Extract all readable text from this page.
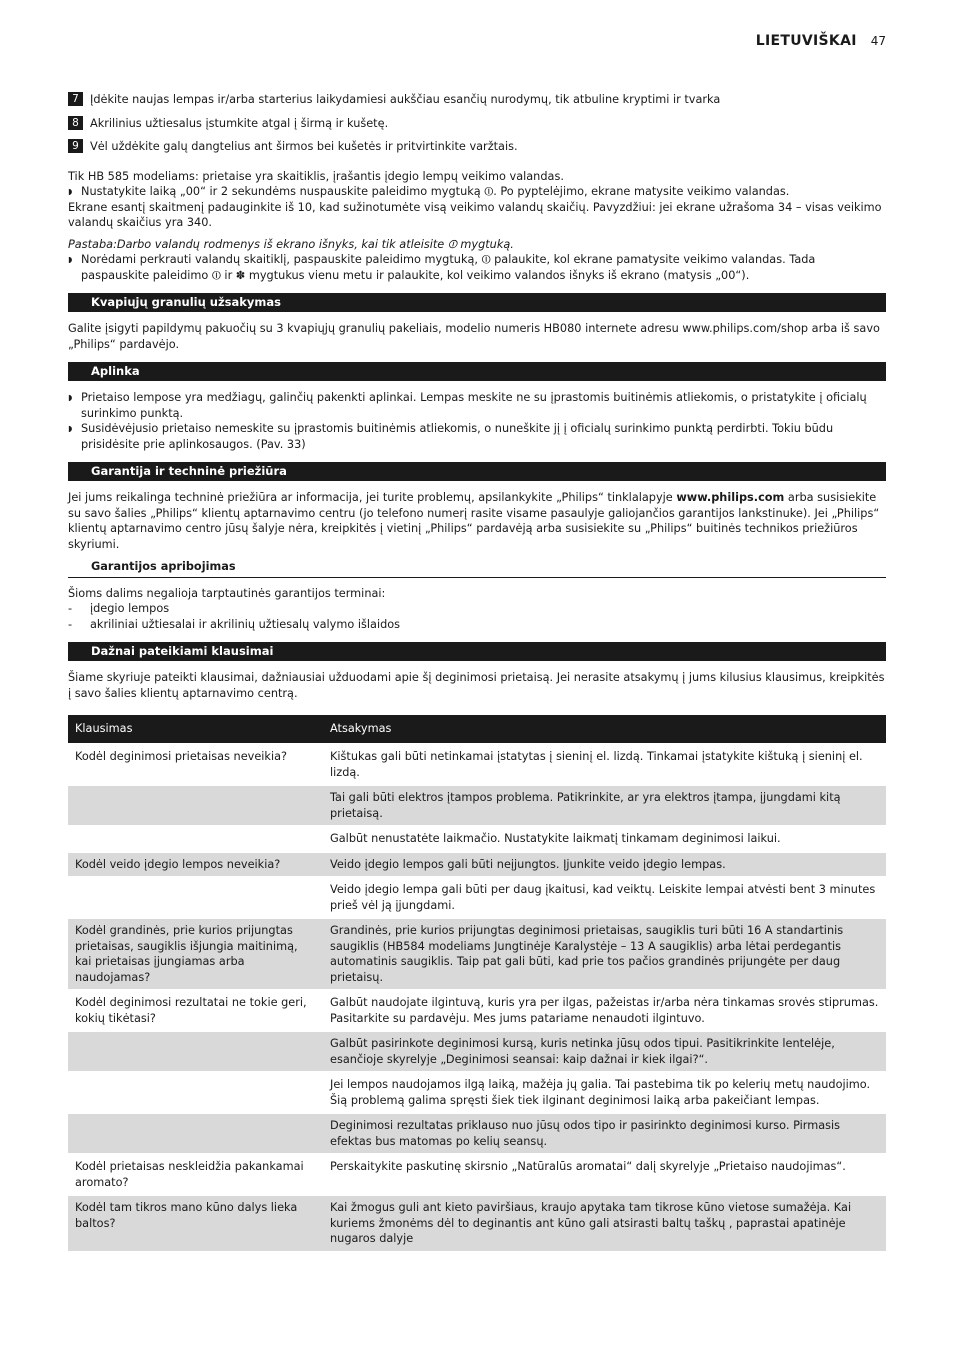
LIETUVIŠKAI 47
7 Įdėkite naujas lempas ir/arba starterius laikydamiesi aukščiau esančių nurodymų, tik atbuline kryptimi ir tvarka
8 Akrilinius užtiesalus įstumkite atgal į širmą ir kušetę.
9 Vėl uždėkite galų dangtelius ant širmos bei kušetės ir pritvirtinkite varžtais.

Tik HB 585 modeliams: prietaise yra skaitiklis, įrašantis įdegio lempų veikimo valandas.

◗ Nustatykite laiką „00“ ir 2 sekundėms nuspauskite paleidimo mygtuką ⏼. Po pyptelėjimo, ekrane matysite veikimo valandas.

Ekrane esantį skaitmenį padauginkite iš 10, kad sužinotumėte visą veikimo valandų skaičių. Pavyzdžiui: jei ekrane užrašoma 34 – visas veikimo valandų skaičius yra 340.

Pastaba:Darbo valandų rodmenys iš ekrano išnyks, kai tik atleisite ⏼ mygtuką.

◗ Norėdami perkrauti valandų skaitiklį, paspauskite paleidimo mygtuką, ⏼ palaukite, kol ekrane pamatysite veikimo valandas. Tada paspauskite paleidimo ⏼ ir ✽ mygtukus vienu metu ir palaukite, kol veikimo valandos išnyks iš ekrano (matysis „00“).
Kvapiųjų granulių užsakymas

Galite įsigyti papildymų pakuočių su 3 kvapiųjų granulių pakeliais, modelio numeris HB080 internete adresu www.philips.com/shop arba iš savo „Philips“ pardavėjo.

Aplinka
◗ Prietaiso lempose yra medžiagų, galinčių pakenkti aplinkai. Lempas meskite ne su įprastomis buitinėmis atliekomis, o pristatykite į oficialų surinkimo punktą.
◗ Susidėvėjusio prietaiso nemeskite su įprastomis buitinėmis atliekomis, o nuneškite jį į oficialų surinkimo punktą perdirbti. Tokiu būdu prisidėsite prie aplinkosaugos. (Pav. 33)
Garantija ir techninė priežiūra

Jei jums reikalinga techninė priežiūra ar informacija, jei turite problemų, apsilankykite „Philips“ tinklalapyje www.philips.com arba susisiekite su savo šalies „Philips“ klientų aptarnavimo centru (jo telefono numerį rasite visame pasaulyje galiojančios garantijos lankstinuke). Jei „Philips“ klientų aptarnavimo centro jūsų šalyje nėra, kreipkitės į vietinį „Philips“ pardavėją arba susisiekite su „Philips“ buitinės technikos priežiūros skyriumi.

Garantijos apribojimas

Šioms dalims negalioja tarptautinės garantijos terminai:

-	įdegio lempos
-	akriliniai užtiesalai ir akrilinių užtiesalų valymo išlaidos
Dažnai pateikiami klausimai

Šiame skyriuje pateikti klausimai, dažniausiai užduodami apie šį deginimosi prietaisą. Jei nerasite atsakymų į jums kilusius klausimus, kreipkitės į savo šalies klientų aptarnavimo centrą.

Klausimas	Atsakymas
Kodėl deginimosi prietaisas neveikia?	Kištukas gali būti netinkamai įstatytas į sieninį el. lizdą. Tinkamai įstatykite kištuką į sieninį el. lizdą.
	Tai gali būti elektros įtampos problema. Patikrinkite, ar yra elektros įtampa, įjungdami kitą prietaisą.
	Galbūt nenustatėte laikmačio. Nustatykite laikmatį tinkamam deginimosi laikui.
Kodėl veido įdegio lempos neveikia?	Veido įdegio lempos gali būti neįjungtos. Įjunkite veido įdegio lempas.
	Veido įdegio lempa gali būti per daug įkaitusi, kad veiktų. Leiskite lempai atvėsti bent 3 minutes prieš vėl ją įjungdami.
Kodėl grandinės, prie kurios prijungtas prietaisas, saugiklis išjungia maitinimą, kai prietaisas įjungiamas arba naudojamas?	Grandinės, prie kurios prijungtas deginimosi prietaisas, saugiklis turi būti 16 A standartinis saugiklis (HB584 modeliams Jungtinėje Karalystėje – 13 A saugiklis) arba lėtai perdegantis automatinis saugiklis. Taip pat gali būti, kad prie tos pačios grandinės prijungėte per daug prietaisų.
Kodėl deginimosi rezultatai ne tokie geri, kokių tikėtasi?	Galbūt naudojate ilgintuvą, kuris yra per ilgas, pažeistas ir/arba nėra tinkamas srovės stiprumas. Pasitarkite su pardavėju. Mes jums patariame nenaudoti ilgintuvo.
	Galbūt pasirinkote deginimosi kursą, kuris netinka jūsų odos tipui. Pasitikrinkite lentelėje, esančioje skyrelyje „Deginimosi seansai: kaip dažnai ir kiek ilgai?“.
	Jei lempos naudojamos ilgą laiką, mažėja jų galia. Tai pastebima tik po kelerių metų naudojimo. Šią problemą galima spręsti šiek tiek ilginant deginimosi laiką arba pakeičiant lempas.
	Deginimosi rezultatas priklauso nuo jūsų odos tipo ir pasirinkto deginimosi kurso. Pirmasis efektas bus matomas po kelių seansų.
Kodėl prietaisas neskleidžia pakankamai aromato?	Perskaitykite paskutinę skirsnio „Natūralūs aromatai“ dalį skyrelyje „Prietaiso naudojimas“.
Kodėl tam tikros mano kūno dalys lieka baltos?	Kai žmogus guli ant kieto paviršiaus, kraujo apytaka tam tikrose kūno vietose sumažėja. Kai kuriems žmonėms dėl to deginantis ant kūno gali atsirasti baltų taškų , paprastai apatinėje nugaros dalyje
